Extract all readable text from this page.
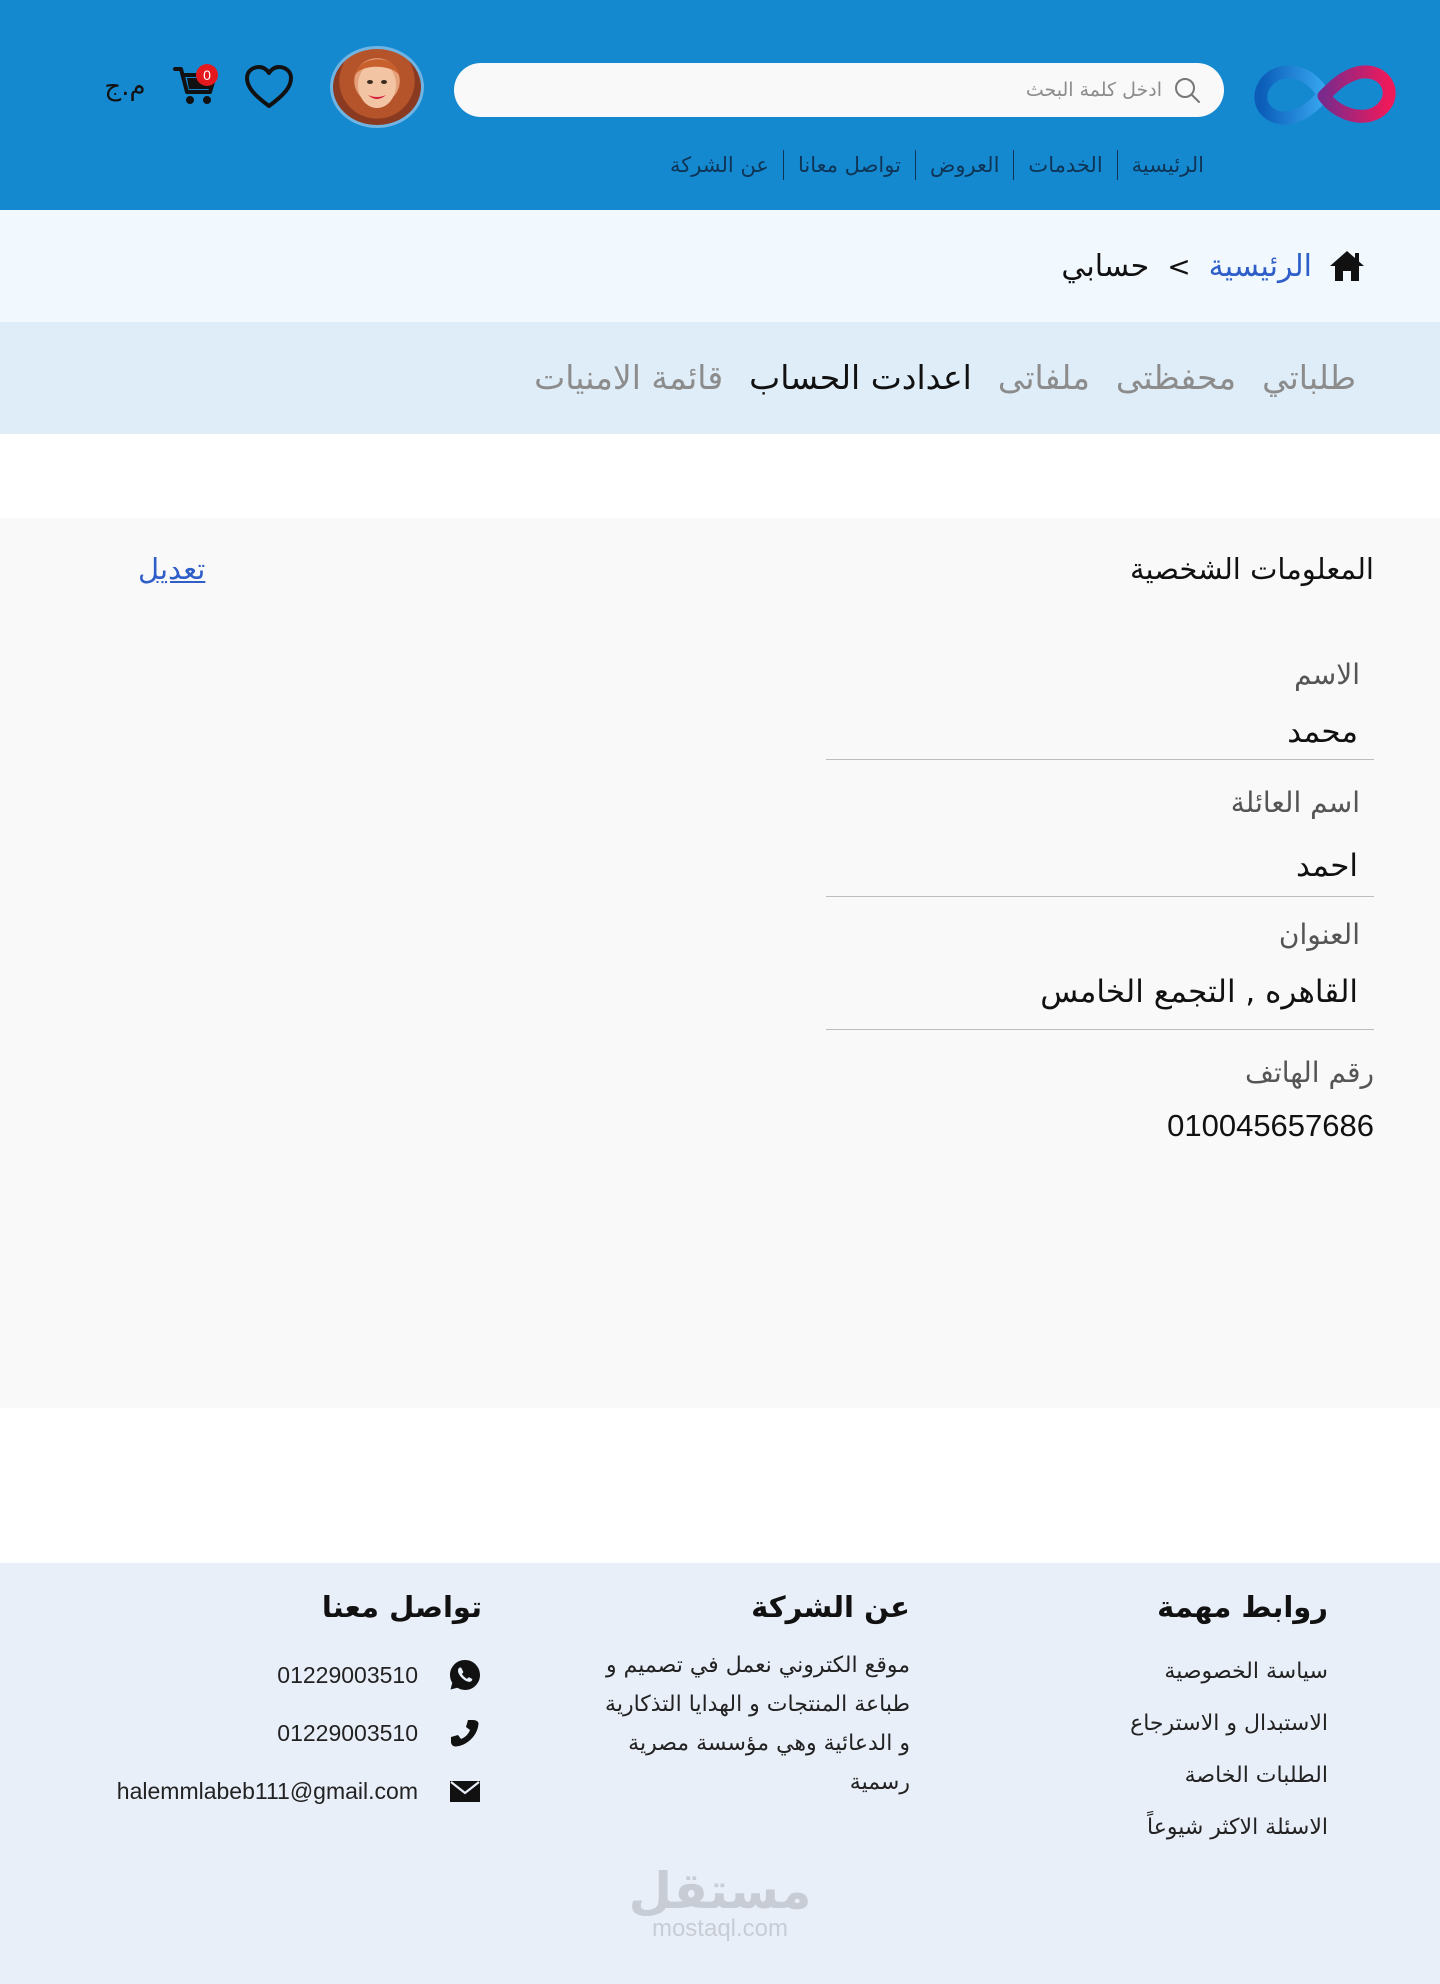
ادخل كلمة البحث
0
م.ج
الرئيسية
الخدمات
العروض
تواصل معانا
عن الشركة
الرئيسية
>
حسابي
طلباتي
محفظتى
ملفاتى
اعدادت الحساب
قائمة الامنيات
المعلومات الشخصية
تعديل
الاسم
محمد
اسم العائلة
احمد
العنوان
القاهره , التجمع الخامس
رقم الهاتف
010045657686
روابط مهمة
سياسة الخصوصية
الاستبدال و الاسترجاع
الطلبات الخاصة
الاسئلة الاكثر شيوعاً
عن الشركة
موقع الكتروني نعمل في تصميم و طباعة المنتجات و الهدايا التذكارية و الدعائية وهي مؤسسة مصرية رسمية
تواصل معنا
01229003510
01229003510
halemmlabeb111@gmail.com
مستقل
mostaql.com
